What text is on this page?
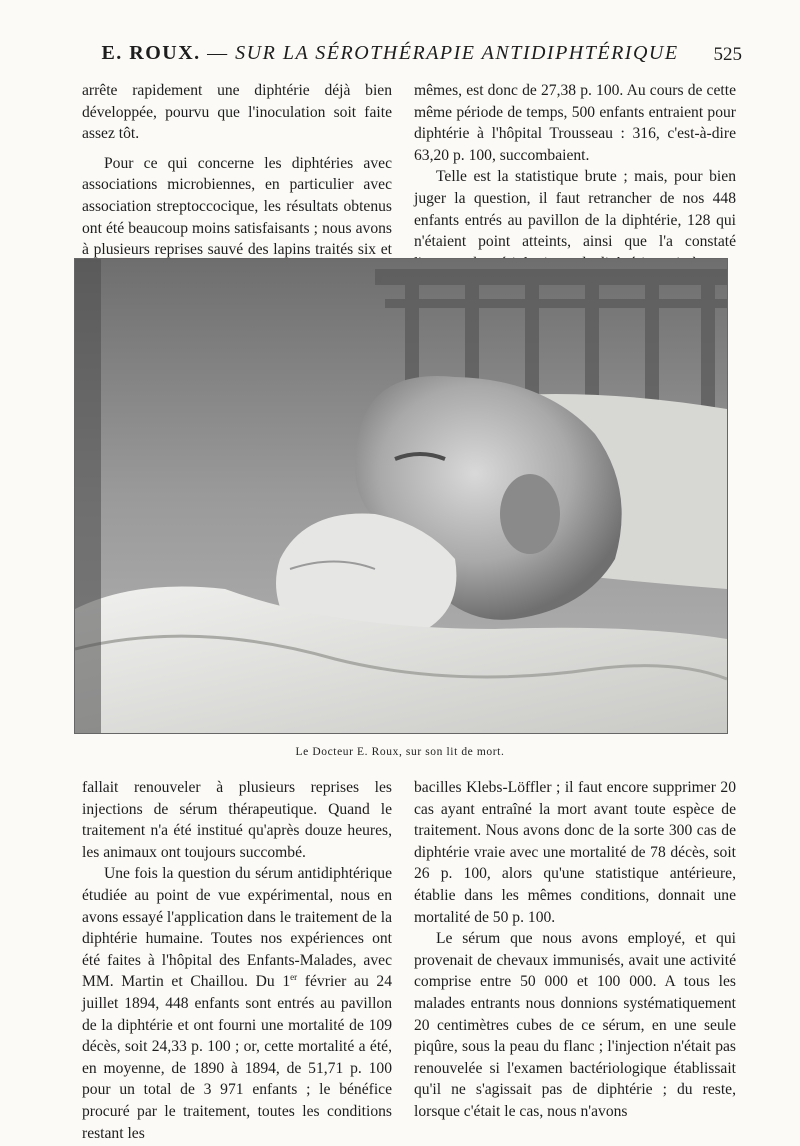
E. ROUX. — SUR LA SÉROTHÉRAPIE ANTIDIPHTÉRIQUE	525

arrête rapidement une diphtérie déjà bien développée, pourvu que l'inoculation soit faite assez tôt.

Pour ce qui concerne les diphtéries avec associations microbiennes, en particulier avec association streptoccocique, les résultats obtenus ont été beaucoup moins satisfaisants ; nous avons à plusieurs reprises sauvé des lapins traités six et

mêmes, est donc de 27,38 p. 100. Au cours de cette même période de temps, 500 enfants entraient pour diphtérie à l'hôpital Trousseau : 316, c'est-à-dire 63,20 p. 100, succombaient.

Telle est la statistique brute ; mais, pour bien juger la question, il faut retrancher de nos 448 enfants entrés au pavillon de la diphtérie, 128 qui n'étaient point atteints, ainsi que l'a constaté

Le Docteur E. Roux, sur son lit de mort.

fallait renouveler à plusieurs reprises les injections de sérum thérapeutique. Quand le traitement n'a été institué qu'après douze heures, les animaux ont toujours succombé.

Une fois la question du sérum antidiphtérique étudiée au point de vue expérimental, nous en avons essayé l'application dans le traitement de la diphtérie humaine. Toutes nos expériences ont été faites à l'hôpital des Enfants-Malades, avec MM. Martin et Chaillou. Du 1er février au 24 juillet 1894, 448 enfants sont entrés au pavillon de la diphtérie et ont fourni une mortalité de 109 décès, soit 24,33 p. 100 ; or, cette mortalité a été, en moyenne, de 1890 à 1894, de 51,71 p. 100 pour un total de 3 971 enfants ; le bénéfice procuré par le traitement, toutes les conditions restant les

bacilles Klebs-Löffler ; il faut encore supprimer 20 cas ayant entraîné la mort avant toute espèce de traitement. Nous avons donc de la sorte 300 cas de diphtérie vraie avec une mortalité de 78 décès, soit 26 p. 100, alors qu'une statistique antérieure, établie dans les mêmes conditions, donnait une mortalité de 50 p. 100.

Le sérum que nous avons employé, et qui provenait de chevaux immunisés, avait une activité comprise entre 50 000 et 100 000. A tous les malades entrants nous donnions systématiquement 20 centimètres cubes de ce sérum, en une seule piqûre, sous la peau du flanc ; l'injection n'était pas renouvelée si l'examen bactériologique établissait qu'il ne s'agissait pas de diphtérie ; du reste, lorsque c'était le cas, nous n'avons
